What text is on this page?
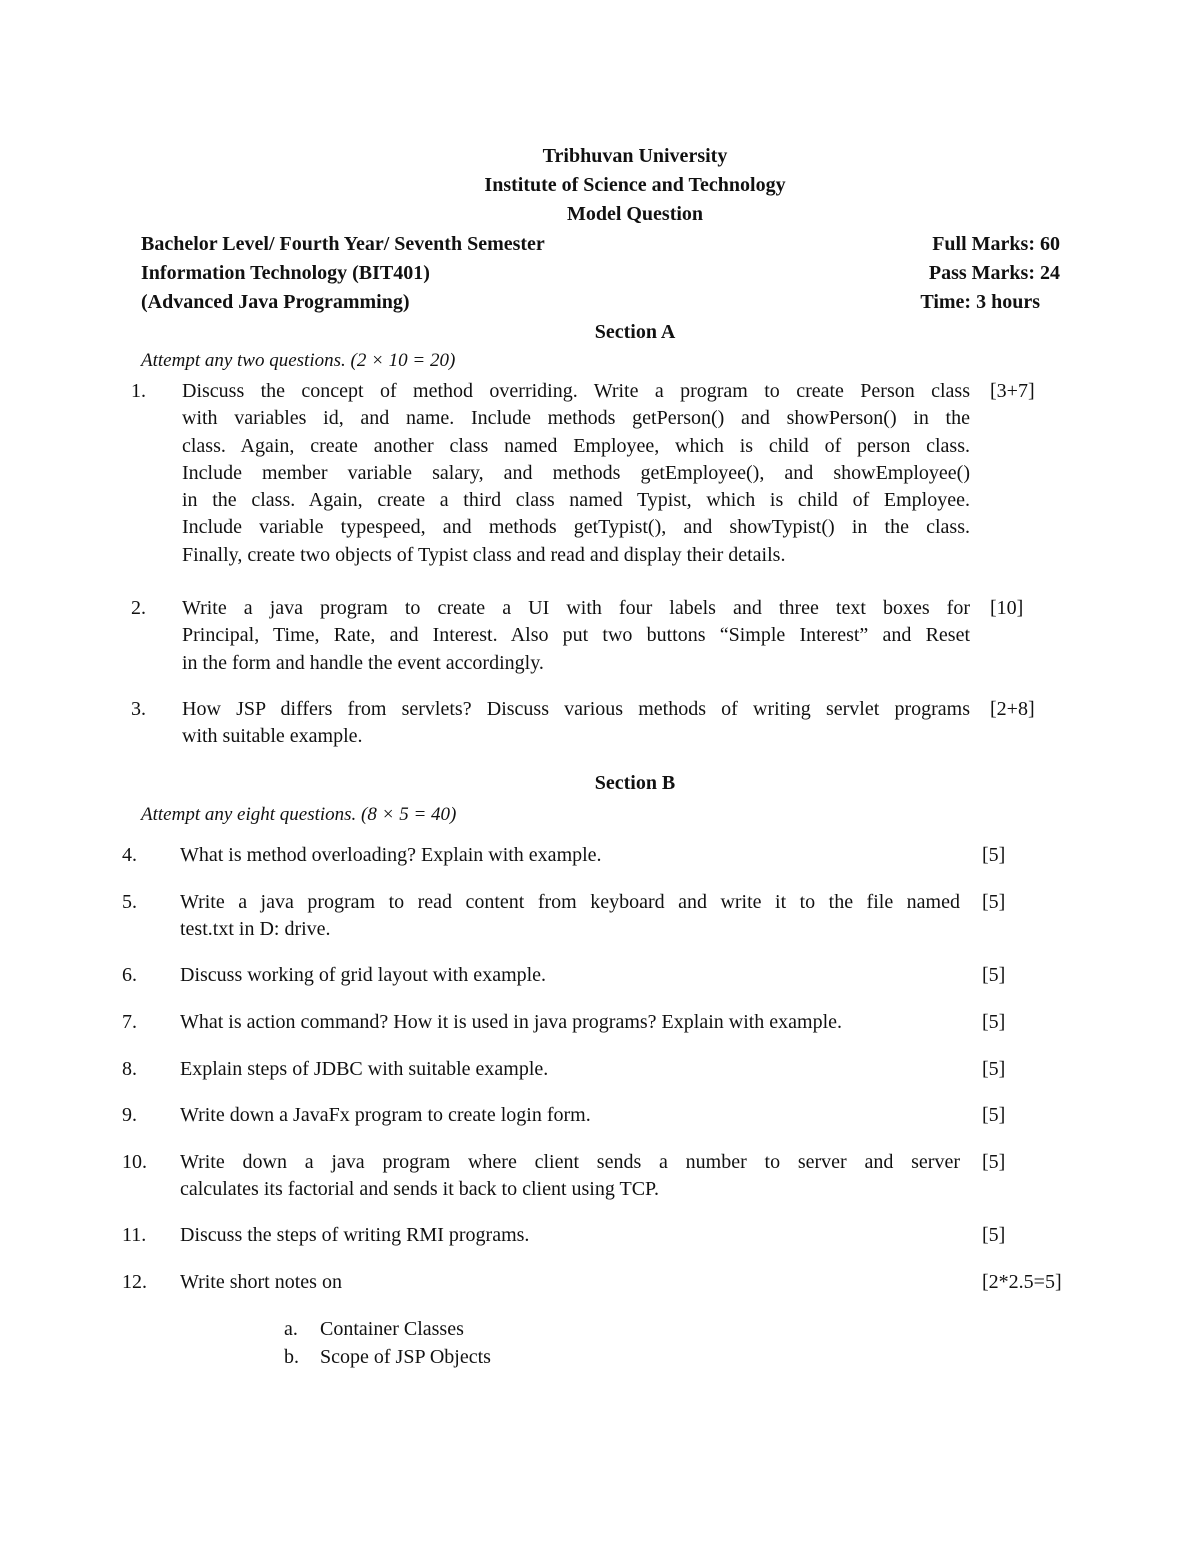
Tribhuvan University
Institute of Science and Technology
Model Question
Bachelor Level/ Fourth Year/ Seventh Semester
Information Technology (BIT401)
(Advanced Java Programming)
Full Marks: 60
Pass Marks: 24
Time: 3 hours
Section A
Attempt any two questions. (2 × 10 = 20)
1. Discuss the concept of method overriding. Write a program to create Person class
with variables id, and name. Include methods getPerson() and showPerson() in the
class. Again, create another class named Employee, which is child of person class.
Include member variable salary, and methods getEmployee(), and showEmployee()
in the class. Again, create a third class named Typist, which is child of Employee.
Include variable typespeed, and methods getTypist(), and showTypist() in the class.
Finally, create two objects of Typist class and read and display their details.
[3+7]
2. Write a java program to create a UI with four labels and three text boxes for
Principal, Time, Rate, and Interest. Also put two buttons “Simple Interest” and Reset
in the form and handle the event accordingly.
[10]
3. How JSP differs from servlets? Discuss various methods of writing servlet programs
with suitable example.
[2+8]
Section B
Attempt any eight questions. (8 × 5 = 40)
4. What is method overloading? Explain with example.	[5]
5. Write a java program to read content from keyboard and write it to the file named
test.txt in D: drive.
[5]
6. Discuss working of grid layout with example.	[5]
7. What is action command? How it is used in java programs? Explain with example.	[5]
8. Explain steps of JDBC with suitable example.	[5]
9. Write down a JavaFx program to create login form.	[5]
10. Write down a java program where client sends a number to server and server
calculates its factorial and sends it back to client using TCP.
[5]
11. Discuss the steps of writing RMI programs.	[5]
12. Write short notes on	[2*2.5=5]
a. Container Classes
b. Scope of JSP Objects
